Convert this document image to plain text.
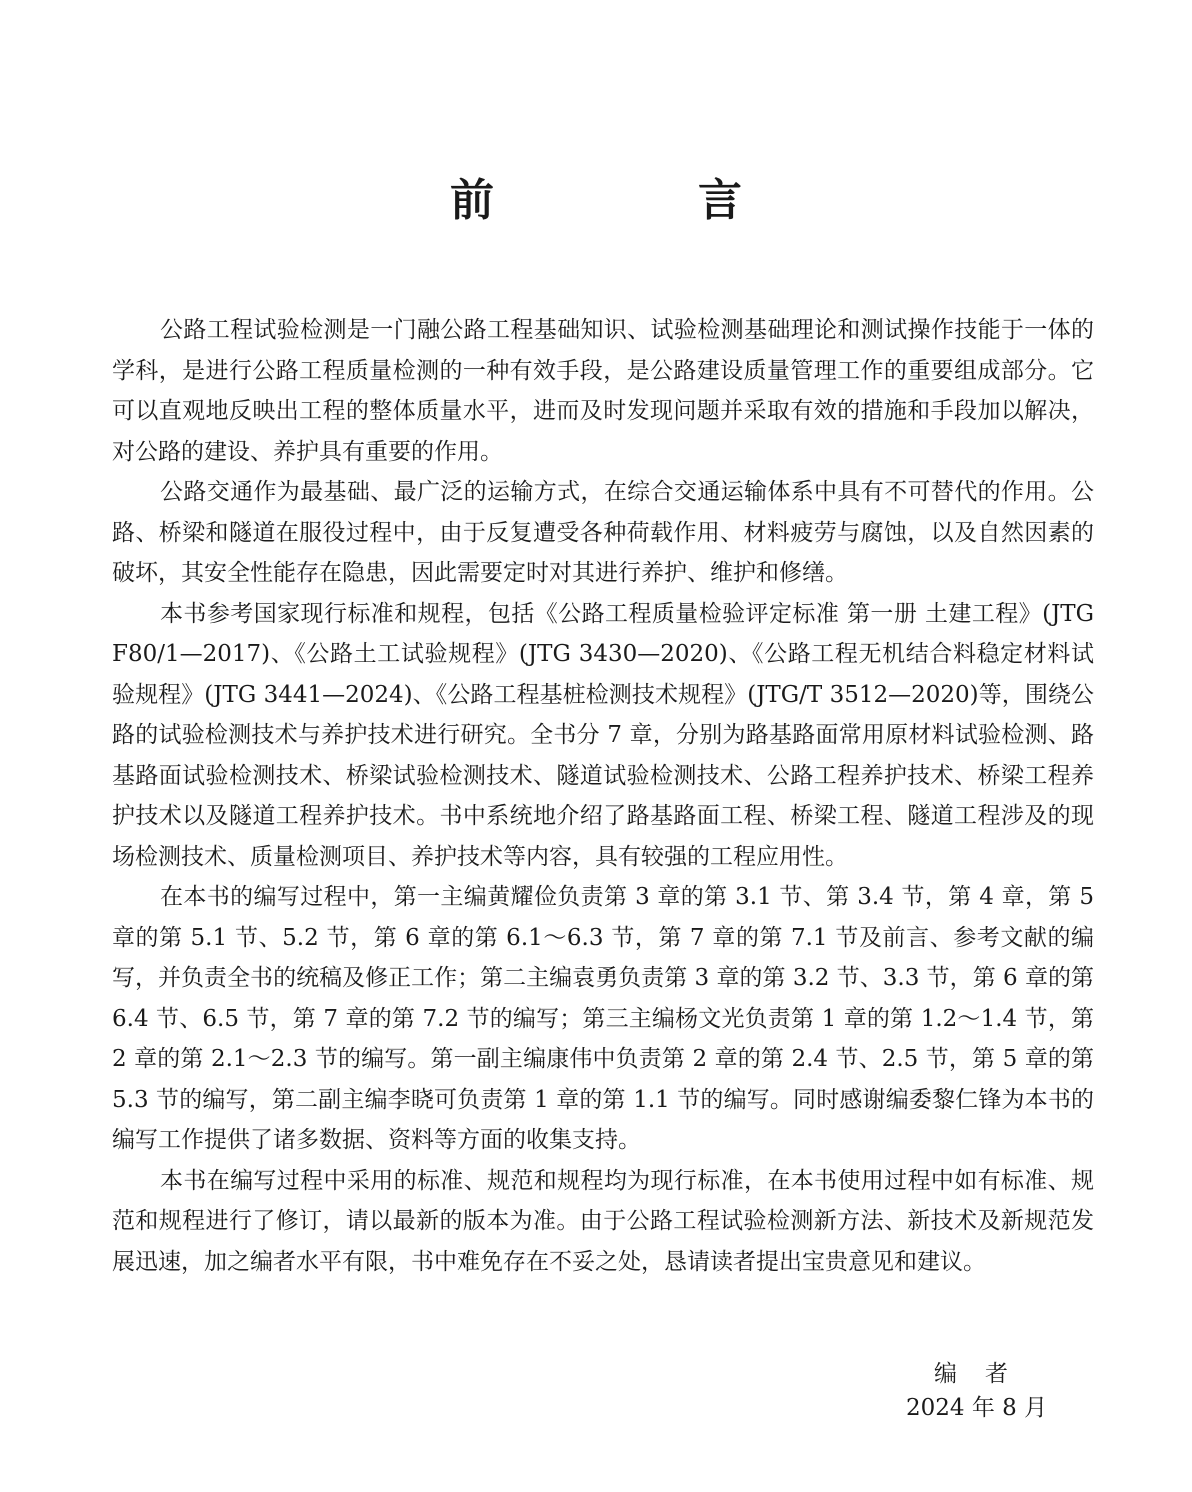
前　言

公路工程试验检测是一门融公路工程基础知识、试验检测基础理论和测试操作技能于一体的学科，是进行公路工程质量检测的一种有效手段，是公路建设质量管理工作的重要组成部分。它可以直观地反映出工程的整体质量水平，进而及时发现问题并采取有效的措施和手段加以解决，对公路的建设、养护具有重要的作用。

公路交通作为最基础、最广泛的运输方式，在综合交通运输体系中具有不可替代的作用。公路、桥梁和隧道在服役过程中，由于反复遭受各种荷载作用、材料疲劳与腐蚀，以及自然因素的破坏，其安全性能存在隐患，因此需要定时对其进行养护、维护和修缮。

本书参考国家现行标准和规程，包括《公路工程质量检验评定标准 第一册 土建工程》(JTG F80/1—2017)、《公路土工试验规程》(JTG 3430—2020)、《公路工程无机结合料稳定材料试验规程》(JTG 3441—2024)、《公路工程基桩检测技术规程》(JTG/T 3512—2020)等，围绕公路的试验检测技术与养护技术进行研究。全书分 7 章，分别为路基路面常用原材料试验检测、路基路面试验检测技术、桥梁试验检测技术、隧道试验检测技术、公路工程养护技术、桥梁工程养护技术以及隧道工程养护技术。书中系统地介绍了路基路面工程、桥梁工程、隧道工程涉及的现场检测技术、质量检测项目、养护技术等内容，具有较强的工程应用性。

在本书的编写过程中，第一主编黄耀俭负责第 3 章的第 3.1 节、第 3.4 节，第 4 章，第 5 章的第 5.1 节、5.2 节，第 6 章的第 6.1～6.3 节，第 7 章的第 7.1 节及前言、参考文献的编写，并负责全书的统稿及修正工作；第二主编袁勇负责第 3 章的第 3.2 节、3.3 节，第 6 章的第 6.4 节、6.5 节，第 7 章的第 7.2 节的编写；第三主编杨文光负责第 1 章的第 1.2～1.4 节，第 2 章的第 2.1～2.3 节的编写。第一副主编康伟中负责第 2 章的第 2.4 节、2.5 节，第 5 章的第 5.3 节的编写，第二副主编李晓可负责第 1 章的第 1.1 节的编写。同时感谢编委黎仁锋为本书的编写工作提供了诸多数据、资料等方面的收集支持。

本书在编写过程中采用的标准、规范和规程均为现行标准，在本书使用过程中如有标准、规范和规程进行了修订，请以最新的版本为准。由于公路工程试验检测新方法、新技术及新规范发展迅速，加之编者水平有限，书中难免存在不妥之处，恳请读者提出宝贵意见和建议。

编者
2024 年 8 月
